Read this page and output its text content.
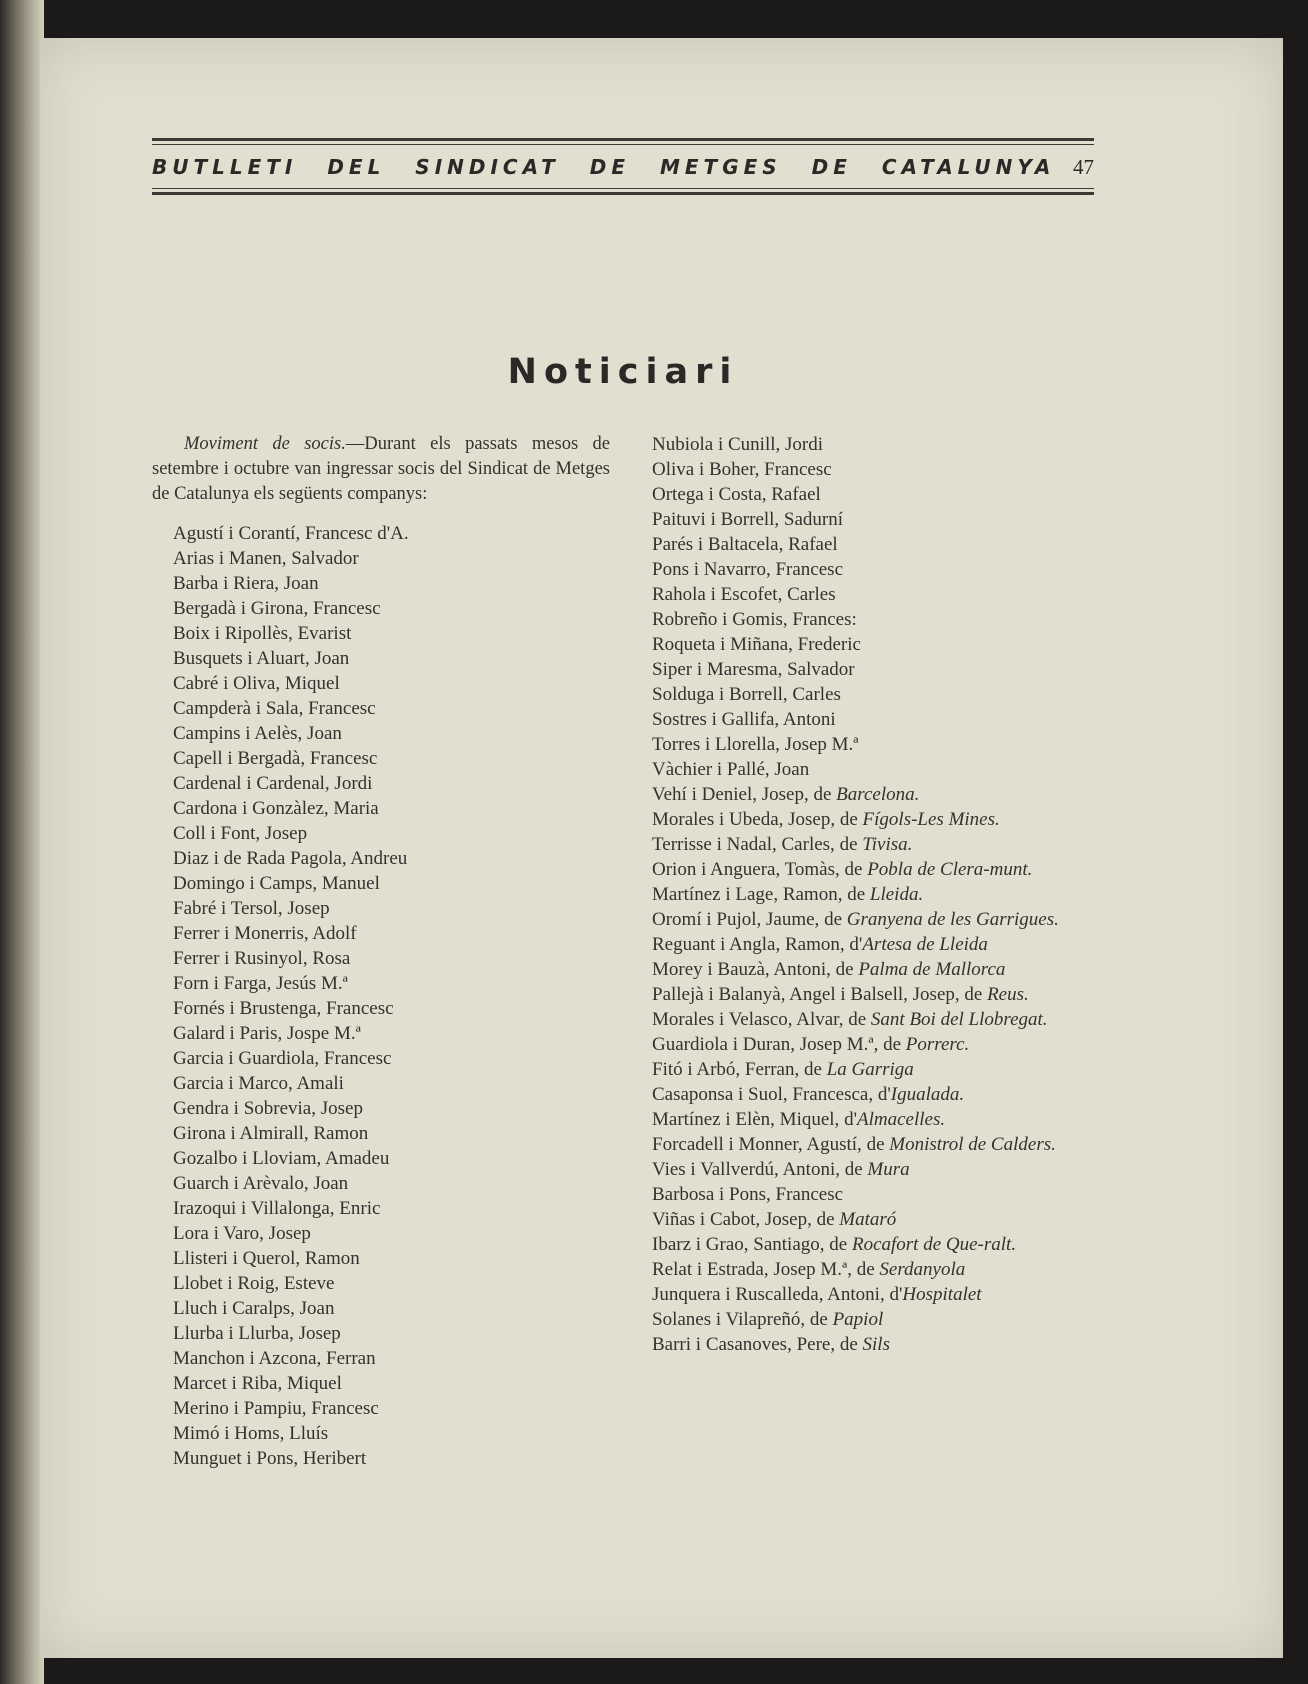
BUTLLETI DEL SINDICAT DE METGES DE CATALUNYA 47
Noticiari

Moviment de socis.—Durant els passats mesos de setembre i octubre van ingressar socis del Sindicat de Metges de Catalunya els següents companys:

Agustí i Corantí, Francesc d'A.
Arias i Manen, Salvador
Barba i Riera, Joan
Bergadà i Girona, Francesc
Boix i Ripollès, Evarist
Busquets i Aluart, Joan
Cabré i Oliva, Miquel
Campderà i Sala, Francesc
Campins i Aelès, Joan
Capell i Bergadà, Francesc
Cardenal i Cardenal, Jordi
Cardona i Gonzàlez, Maria
Coll i Font, Josep
Diaz i de Rada Pagola, Andreu
Domingo i Camps, Manuel
Fabré i Tersol, Josep
Ferrer i Monerris, Adolf
Ferrer i Rusinyol, Rosa
Forn i Farga, Jesús M.ª
Fornés i Brustenga, Francesc
Galard i Paris, Jospe M.ª
Garcia i Guardiola, Francesc
Garcia i Marco, Amali
Gendra i Sobrevia, Josep
Girona i Almirall, Ramon
Gozalbo i Lloviam, Amadeu
Guarch i Arèvalo, Joan
Irazoqui i Villalonga, Enric
Lora i Varo, Josep
Llisteri i Querol, Ramon
Llobet i Roig, Esteve
Lluch i Caralps, Joan
Llurba i Llurba, Josep
Manchon i Azcona, Ferran
Marcet i Riba, Miquel
Merino i Pampiu, Francesc
Mimó i Homs, Lluís
Munguet i Pons, Heribert
Nubiola i Cunill, Jordi
Oliva i Boher, Francesc
Ortega i Costa, Rafael
Paituvi i Borrell, Sadurní
Parés i Baltacela, Rafael
Pons i Navarro, Francesc
Rahola i Escofet, Carles
Robreño i Gomis, Frances:
Roqueta i Miñana, Frederic
Siper i Maresma, Salvador
Solduga i Borrell, Carles
Sostres i Gallifa, Antoni
Torres i Llorella, Josep M.ª
Vàchier i Pallé, Joan
Vehí i Deniel, Josep, de Barcelona.
Morales i Ubeda, Josep, de Fígols-Les Mines.
Terrisse i Nadal, Carles, de Tivisa.
Orion i Anguera, Tomàs, de Pobla de Clera-munt.
Martínez i Lage, Ramon, de Lleida.
Oromí i Pujol, Jaume, de Granyena de les Garrigues.
Reguant i Angla, Ramon, d'Artesa de Lleida
Morey i Bauzà, Antoni, de Palma de Mallorca
Pallejà i Balanyà, Angel i Balsell, Josep, de Reus.
Morales i Velasco, Alvar, de Sant Boi del Llobregat.
Guardiola i Duran, Josep M.ª, de Porrerc.
Fitó i Arbó, Ferran, de La Garriga
Casaponsa i Suol, Francesca, d'Igualada.
Martínez i Elèn, Miquel, d'Almacelles.
Forcadell i Monner, Agustí, de Monistrol de Calders.
Vies i Vallverdú, Antoni, de Mura
Barbosa i Pons, Francesc
Viñas i Cabot, Josep, de Mataró
Ibarz i Grao, Santiago, de Rocafort de Que-ralt.
Relat i Estrada, Josep M.ª, de Serdanyola
Junquera i Ruscalleda, Antoni, d'Hospitalet
Solanes i Vilapreñó, de Papiol
Barri i Casanoves, Pere, de Sils
